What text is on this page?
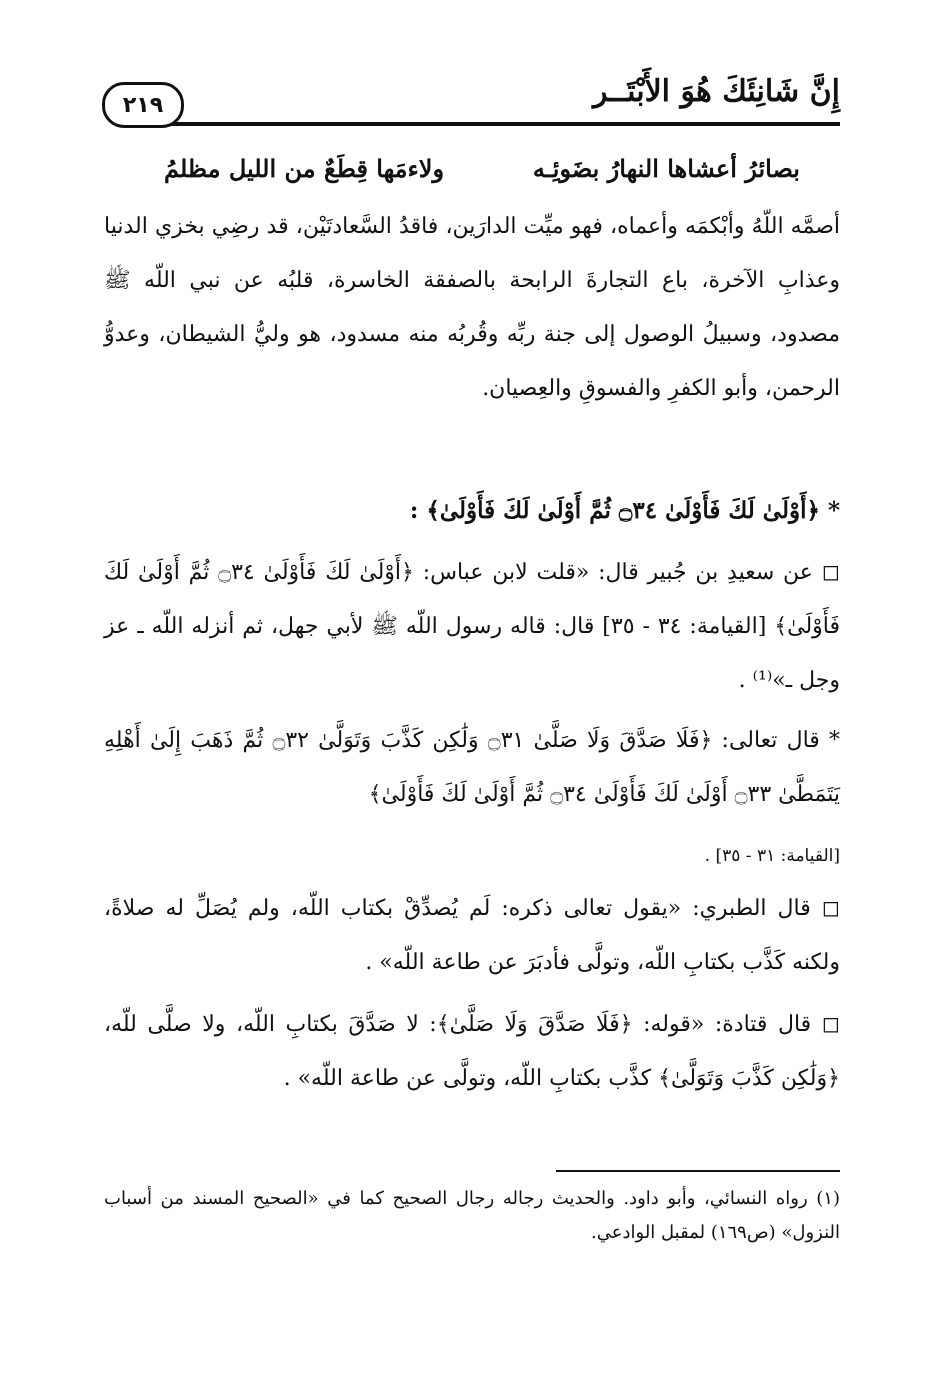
إِنَّ شَانِئَكَ هُوَ الأَبْتَــر
٢١٩
بصائرُ أعشاها النهارُ بضَوئِـه
ولاءمَها قِطَعٌ من الليل مظلمُ
أصمَّه اللّهُ وأبْكمَه وأعماه، فهو ميِّت الدارَين، فاقدُ السَّعادتَيْن، قد رضِي بخزي الدنيا وعذابِ الآخرة، باع التجارةَ الرابحة بالصفقة الخاسرة، قلبُه عن نبي اللّه ﷺ مصدود، وسبيلُ الوصول إلى جنة ربِّه وقُربُه منه مسدود، هو وليُّ الشيطان، وعدوُّ الرحمن، وأبو الكفرِ والفسوقِ والعِصيان.
* ﴿أَوْلَىٰ لَكَ فَأَوْلَىٰ ۝٣٤ ثُمَّ أَوْلَىٰ لَكَ فَأَوْلَىٰ﴾ :
◻ عن سعيدِ بن جُبير قال: «قلت لابن عباس: ﴿أَوْلَىٰ لَكَ فَأَوْلَىٰ ۝٣٤ ثُمَّ أَوْلَىٰ لَكَ فَأَوْلَىٰ﴾ [القيامة: ٣٤ - ٣٥] قال: قاله رسول اللّه ﷺ لأبي جهل، ثم أنزله اللّه ـ عز وجل ـ»⁽¹⁾ .
* قال تعالى: ﴿فَلَا صَدَّقَ وَلَا صَلَّىٰ ۝٣١ وَلَٰكِن كَذَّبَ وَتَوَلَّىٰ ۝٣٢ ثُمَّ ذَهَبَ إِلَىٰ أَهْلِهِ يَتَمَطَّىٰ ۝٣٣ أَوْلَىٰ لَكَ فَأَوْلَىٰ ۝٣٤ ثُمَّ أَوْلَىٰ لَكَ فَأَوْلَىٰ﴾
[القيامة: ٣١ - ٣٥] .
◻ قال الطبري: «يقول تعالى ذكره: لَم يُصدِّقْ بكتاب اللّه، ولم يُصَلِّ له صلاةً، ولكنه كَذَّب بكتابِ اللّه، وتولَّى فأدبَرَ عن طاعة اللّه» .
◻ قال قتادة: «قوله: ﴿فَلَا صَدَّقَ وَلَا صَلَّىٰ﴾: لا صَدَّقَ بكتابِ اللّه، ولا صلَّى للّه، ﴿وَلَٰكِن كَذَّبَ وَتَوَلَّىٰ﴾ كذَّب بكتابِ اللّه، وتولَّى عن طاعة اللّه» .
(١) رواه النسائي، وأبو داود. والحديث رجاله رجال الصحيح كما في «الصحيح المسند من أسباب النزول» (ص١٦٩) لمقبل الوادعي.
